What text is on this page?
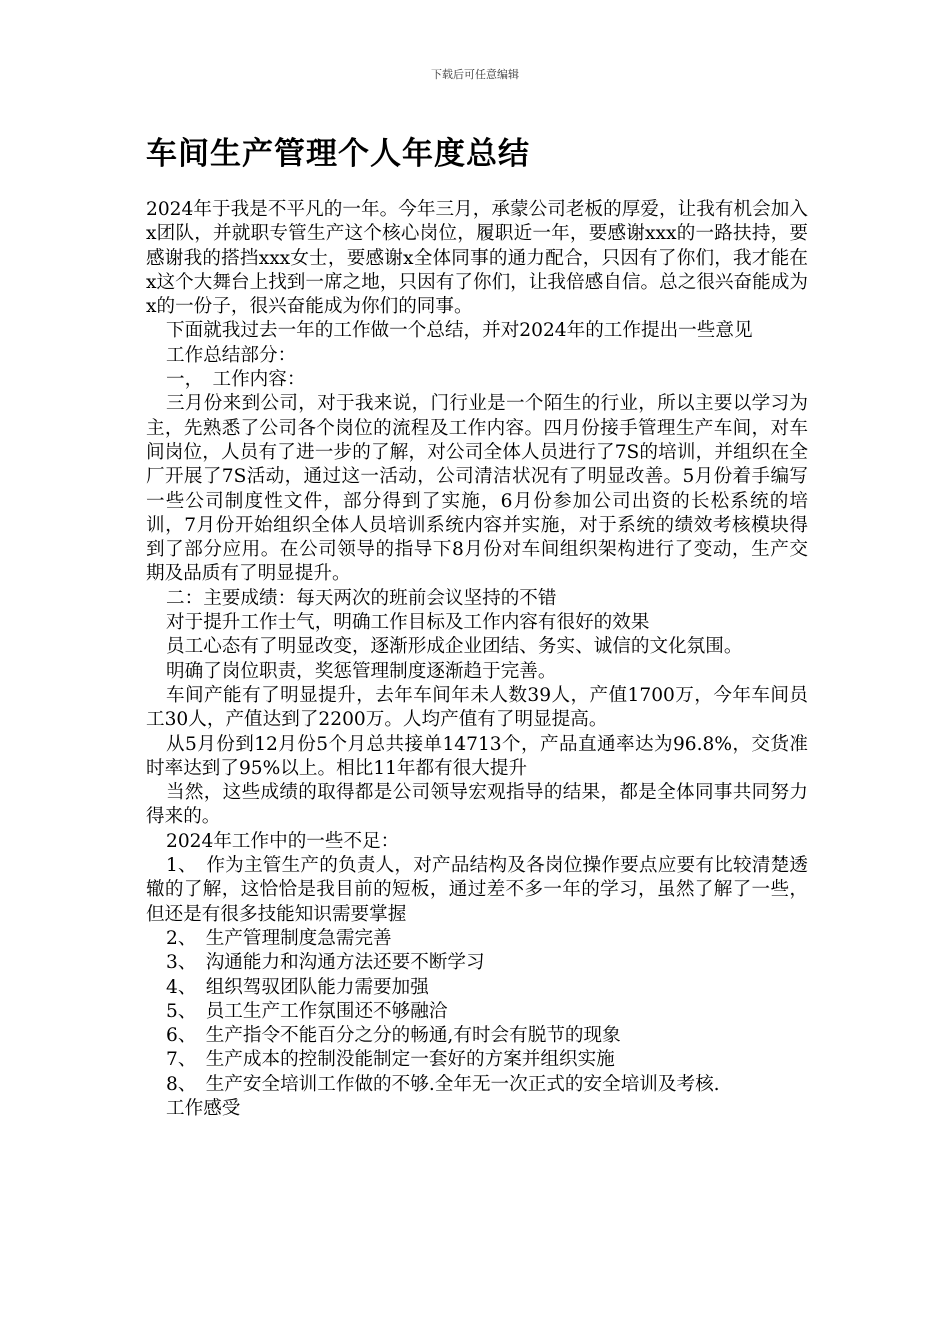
下载后可任意编辑
车间生产管理个人年度总结

2024年于我是不平凡的一年。今年三月，承蒙公司老板的厚爱，让我有机会加入x团队，并就职专管生产这个核心岗位，履职近一年，要感谢xxx的一路扶持，要感谢我的搭挡xxx女士，要感谢x全体同事的通力配合，只因有了你们，我才能在x这个大舞台上找到一席之地，只因有了你们，让我倍感自信。总之很兴奋能成为x的一份子，很兴奋能成为你们的同事。

下面就我过去一年的工作做一个总结，并对2024年的工作提出一些意见

工作总结部分：

一，　工作内容：

三月份来到公司，对于我来说，门行业是一个陌生的行业，所以主要以学习为主，先熟悉了公司各个岗位的流程及工作内容。四月份接手管理生产车间，对车间岗位，人员有了进一步的了解，对公司全体人员进行了7S的培训，并组织在全厂开展了7S活动，通过这一活动，公司清洁状况有了明显改善。5月份着手编写一些公司制度性文件，部分得到了实施，6月份参加公司出资的长松系统的培训，7月份开始组织全体人员培训系统内容并实施，对于系统的绩效考核模块得到了部分应用。在公司领导的指导下8月份对车间组织架构进行了变动，生产交期及品质有了明显提升。

二：主要成绩：每天两次的班前会议坚持的不错

对于提升工作士气，明确工作目标及工作内容有很好的效果

员工心态有了明显改变，逐渐形成企业团结、务实、诚信的文化氛围。

明确了岗位职责，奖惩管理制度逐渐趋于完善。

车间产能有了明显提升，去年车间年未人数39人，产值1700万，今年车间员工30人，产值达到了2200万。人均产值有了明显提高。

从5月份到12月份5个月总共接单14713个，产品直通率达为96.8%，交货准时率达到了95%以上。相比11年都有很大提升

当然，这些成绩的取得都是公司领导宏观指导的结果，都是全体同事共同努力得来的。

2024年工作中的一些不足：

1、　作为主管生产的负责人，对产品结构及各岗位操作要点应要有比较清楚透辙的了解，这恰恰是我目前的短板，通过差不多一年的学习，虽然了解了一些，但还是有很多技能知识需要掌握

2、　生产管理制度急需完善

3、　沟通能力和沟通方法还要不断学习

4、　组织驾驭团队能力需要加强

5、　员工生产工作氛围还不够融洽

6、　生产指令不能百分之分的畅通,有时会有脱节的现象

7、　生产成本的控制没能制定一套好的方案并组织实施

8、　生产安全培训工作做的不够.全年无一次正式的安全培训及考核.

工作感受
